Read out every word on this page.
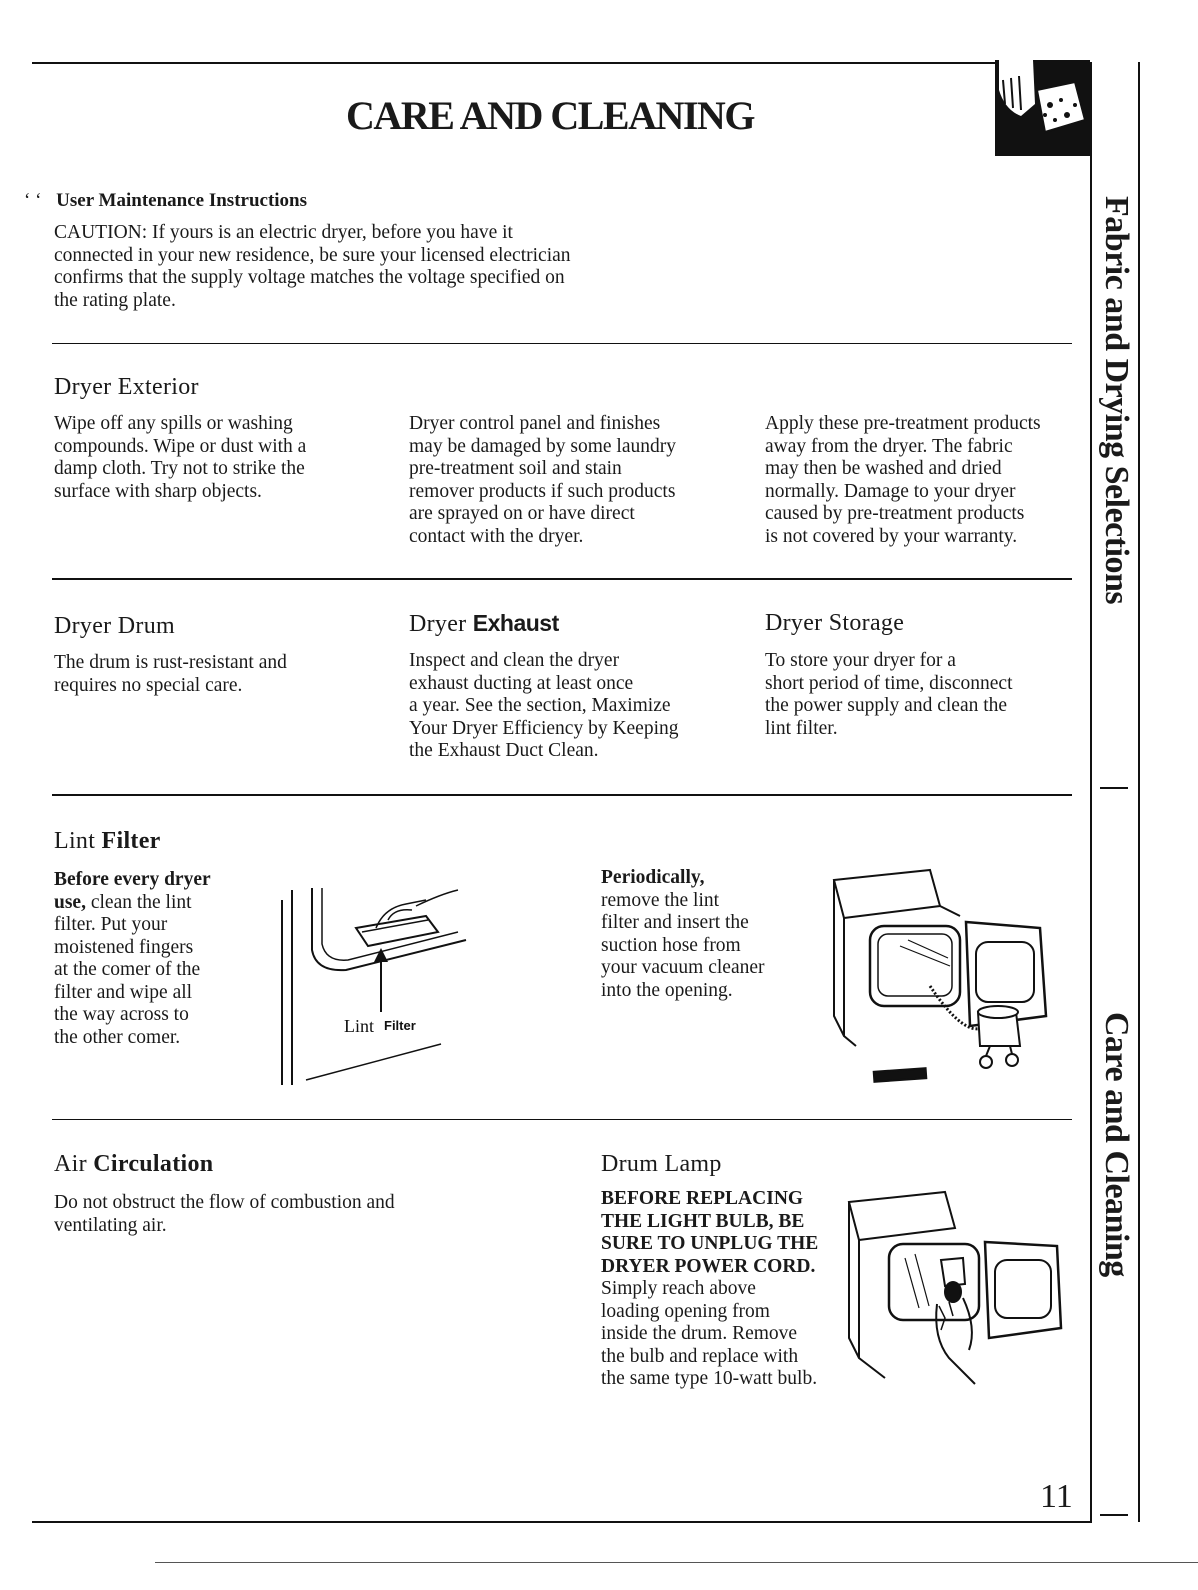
CARE AND CLEANING
‘ ‘ User Maintenance Instructions
CAUTION: If yours is an electric dryer, before you have it
connected in your new residence, be sure your licensed electrician
confirms that the supply voltage matches the voltage specified on
the rating plate.
Dryer Exterior
Wipe off any spills or washing
compounds. Wipe or dust with a
damp cloth. Try not to strike the
surface with sharp objects.
Dryer control panel and finishes
may be damaged by some laundry
pre-treatment soil and stain
remover products if such products
are sprayed on or have direct
contact with the dryer.
Apply these pre-treatment products
away from the dryer. The fabric
may then be washed and dried
normally. Damage to your dryer
caused by pre-treatment products
is not covered by your warranty.
Dryer Drum
The drum is rust-resistant and
requires no special care.
Dryer Exhaust
Inspect and clean the dryer
exhaust ducting at least once
a year. See the section, Maximize
Your Dryer Efficiency by Keeping
the Exhaust Duct Clean.
Dryer Storage
To store your dryer for a
short period of time, disconnect
the power supply and clean the
lint filter.
Lint Filter
Before every dryer
use, clean the lint
filter. Put your
moistened fingers
at the comer of the
filter and wipe all
the way across to
the other comer.
Lint Filter
Periodically,
remove the lint
filter and insert the
suction hose from
your vacuum cleaner
into the opening.
Air Circulation
Do not obstruct the flow of combustion and
ventilating air.
Drum Lamp
BEFORE REPLACING
THE LIGHT BULB, BE
SURE TO UNPLUG THE
DRYER POWER CORD.
Simply reach above
loading opening from
inside the drum. Remove
the bulb and replace with
the same type 10-watt bulb.
Fabric and Drying Selections
Care and Cleaning
11
